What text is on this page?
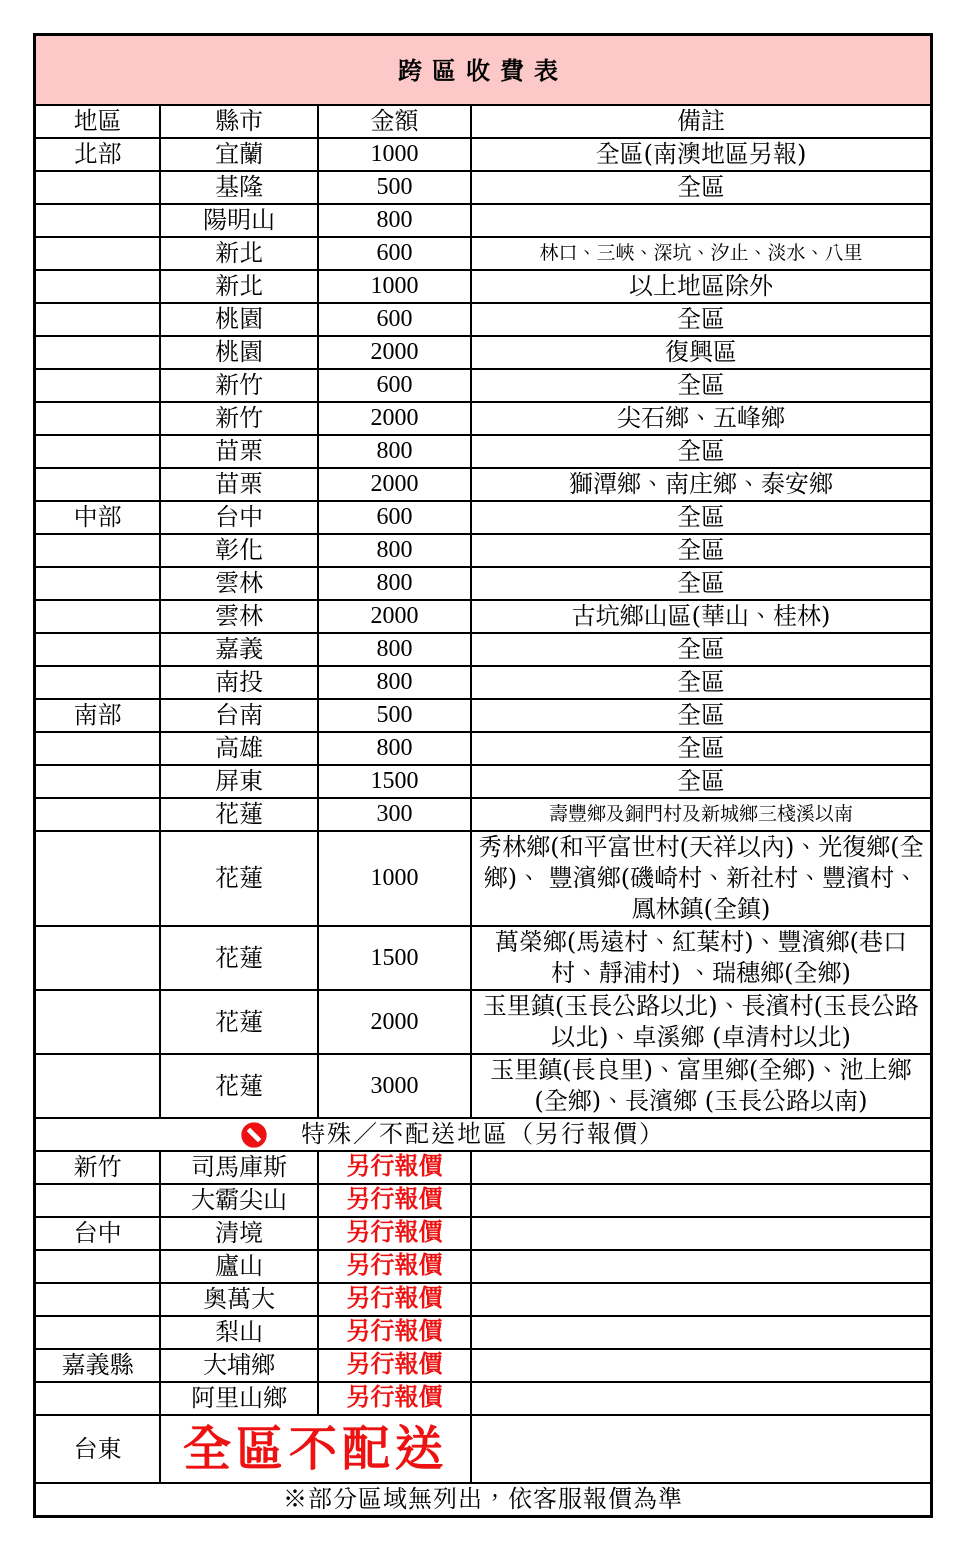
跨區收費表			
地區	縣市	金額	備註
北部	宜蘭	1000	全區(南澳地區另報)
	基隆	500	全區
	陽明山	800	
	新北	600	林口、三峽、深坑、汐止、淡水、八里
	新北	1000	以上地區除外
	桃園	600	全區
	桃園	2000	復興區
	新竹	600	全區
	新竹	2000	尖石鄉、五峰鄉
	苗栗	800	全區
	苗栗	2000	獅潭鄉、南庄鄉、泰安鄉
中部	台中	600	全區
	彰化	800	全區
	雲林	800	全區
	雲林	2000	古坑鄉山區(華山、桂林)
	嘉義	800	全區
	南投	800	全區
南部	台南	500	全區
	高雄	800	全區
	屏東	1500	全區
	花蓮	300	壽豐鄉及銅門村及新城鄉三棧溪以南
	花蓮	1000	秀林鄉(和平富世村(天祥以內)、光復鄉(全鄉)、 豐濱鄉(磯崎村、新社村、豐濱村、鳳林鎮(全鎮)
	花蓮	1500	萬榮鄉(馬遠村、紅葉村)、豐濱鄉(巷口村、靜浦村) 、瑞穗鄉(全鄉)
	花蓮	2000	玉里鎮(玉長公路以北)、長濱村(玉長公路以北)、卓溪鄉 (卓清村以北)
	花蓮	3000	玉里鎮(長良里)、富里鄉(全鄉)、池上鄉(全鄉)、長濱鄉 (玉長公路以南)

特殊／不配送地區（另行報價）			
新竹	司馬庫斯	另行報價	
	大霸尖山	另行報價	
台中	清境	另行報價	
	廬山	另行報價	
	奧萬大	另行報價	
	梨山	另行報價	
嘉義縣	大埔鄉	另行報價	
	阿里山鄉	另行報價	
台東	全區不配送		
※部分區域無列出，依客服報價為準			
